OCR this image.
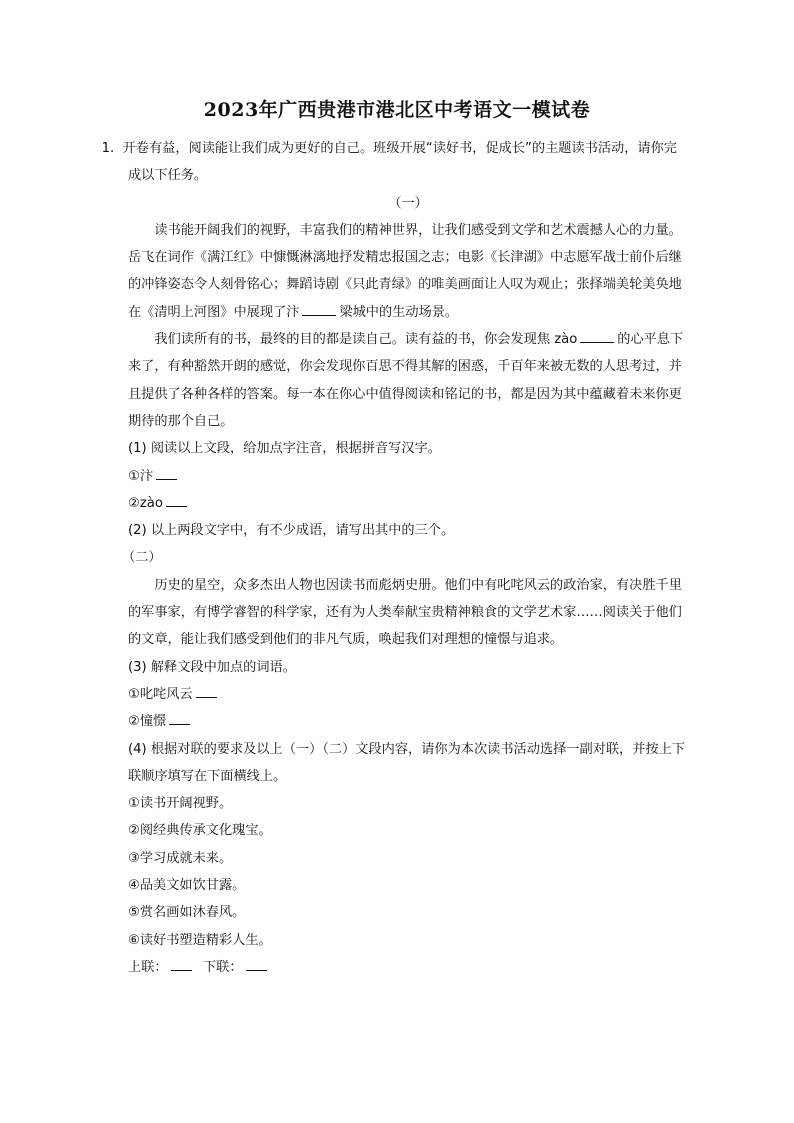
2023年广西贵港市港北区中考语文一模试卷

1. 开卷有益，阅读能让我们成为更好的自己。班级开展“读好书，促成长”的主题读书活动，请你完成以下任务。

（一）

读书能开阔我们的视野，丰富我们的精神世界，让我们感受到文学和艺术震撼人心的力量。岳飞在词作《满江红》中慷慨淋漓地抒发精忠报国之志；电影《长津湖》中志愿军战士前仆后继的冲锋姿态令人刻骨铭心；舞蹈诗剧《只此青绿》的唯美画面让人叹为观止；张择端美轮美奂地在《清明上河图》中展现了汴	梁城中的生动场景。

我们读所有的书，最终的目的都是读自己。读有益的书，你会发现焦 zào	的心平息下来了，有种豁然开朗的感觉，你会发现你百思不得其解的困惑，千百年来被无数的人思考过，并且提供了各种各样的答案。每一本在你心中值得阅读和铭记的书，都是因为其中蕴藏着未来你更期待的那个自己。

(1) 阅读以上文段，给加点字注音，根据拼音写汉字。

①汴

②zào

(2) 以上两段文字中，有不少成语，请写出其中的三个。

（二）

历史的星空，众多杰出人物也因读书而彪炳史册。他们中有叱咤风云的政治家，有决胜千里的军事家，有博学睿智的科学家，还有为人类奉献宝贵精神粮食的文学艺术家……阅读关于他们的文章，能让我们感受到他们的非凡气质，唤起我们对理想的憧憬与追求。

(3) 解释文段中加点的词语。

①叱咤风云

②憧憬

(4) 根据对联的要求及以上（一）（二）文段内容，请你为本次读书活动选择一副对联，并按上下联顺序填写在下面横线上。

①读书开阔视野。

②阅经典传承文化瑰宝。

③学习成就未来。

④品美文如饮甘露。

⑤赏名画如沐春风。

⑥读好书塑造精彩人生。

上联：	下联：
